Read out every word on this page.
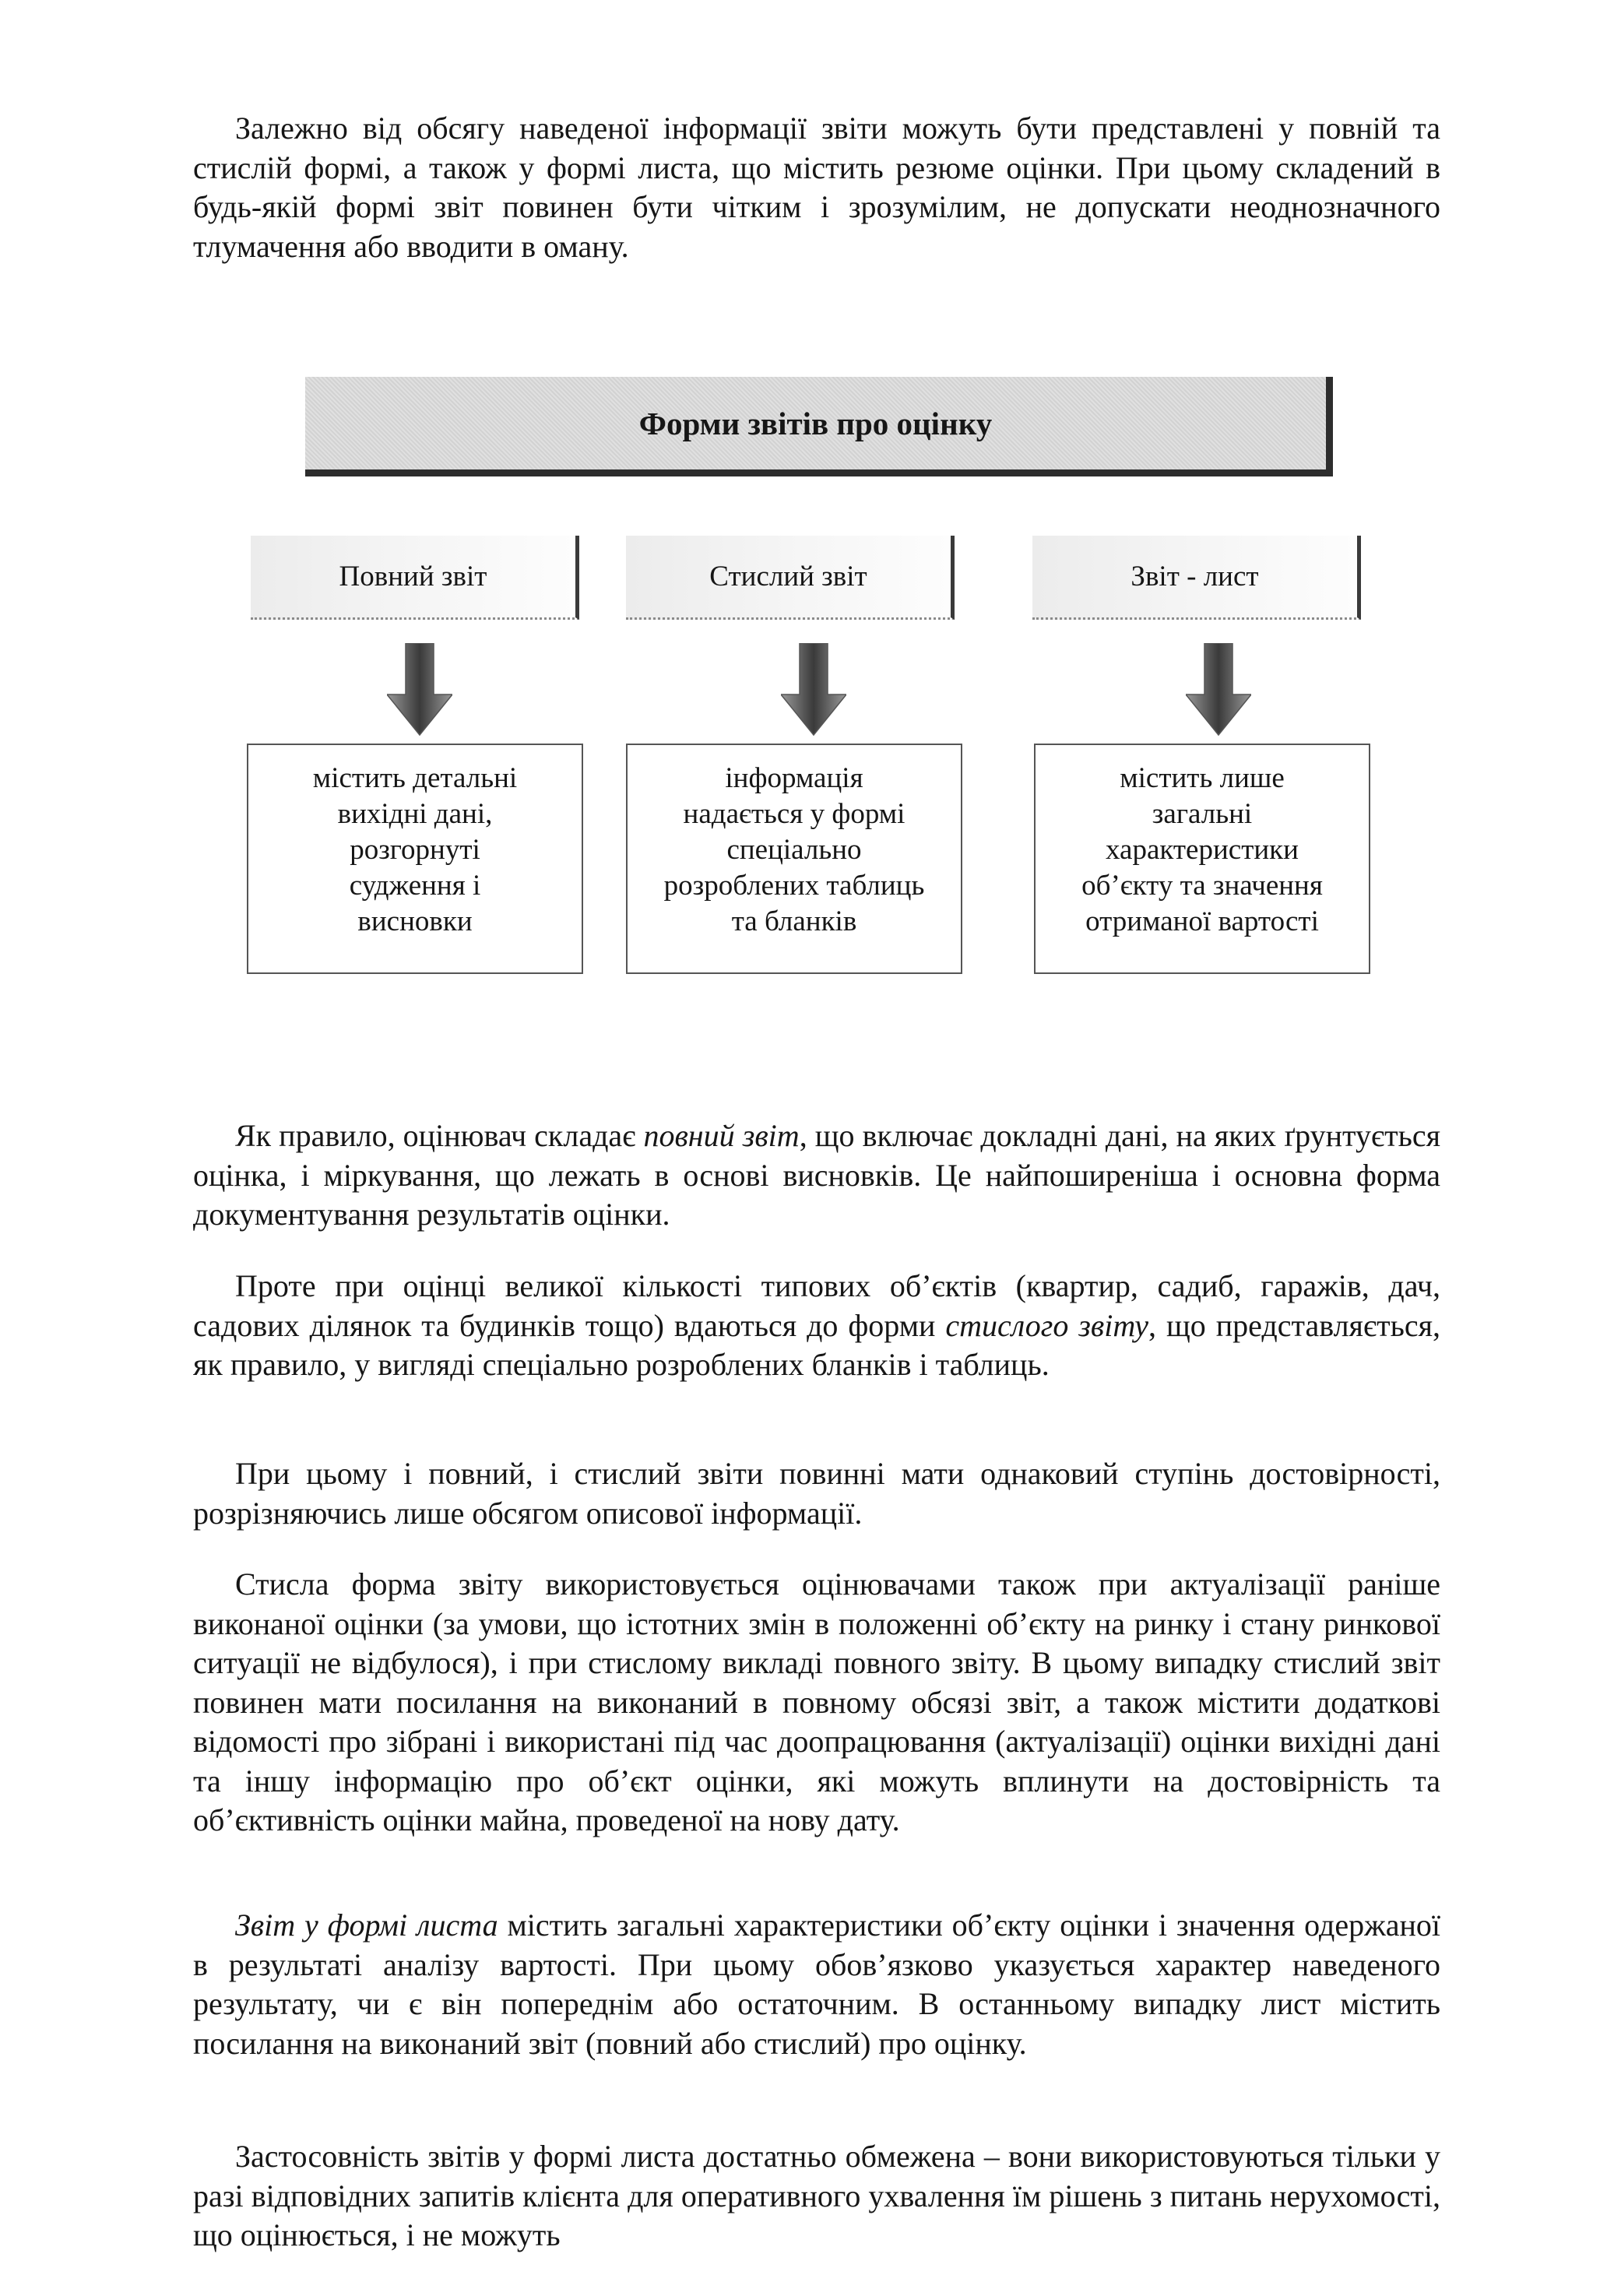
Залежно від обсягу наведеної інформації звіти можуть бути представлені у повній та стислій формі, а також у формі листа, що містить резюме оцінки. При цьому складений в будь-якій формі звіт повинен бути чітким і зрозумілим, не допускати неоднозначного тлумачення або вводити в оману.

Форми звітів про оцінку
Повний звіт
містить детальні
вихідні дані,
розгорнуті
судження і
висновки
Стислий звіт
інформація
надається у формі
спеціально
розроблених таблиць
та бланків
Звіт - лист
містить лише
загальні
характеристики
об’єкту та значення
отриманої вартості

Як правило, оцінювач складає повний звіт, що включає докладні дані, на яких ґрунтується оцінка, і міркування, що лежать в основі висновків. Це найпоширеніша і основна форма документування результатів оцінки.

Проте при оцінці великої кількості типових об’єктів (квартир, садиб, гаражів, дач, садових ділянок та будинків тощо) вдаються до форми стислого звіту, що представляється, як правило, у вигляді спеціально розроблених бланків і таблиць.

При цьому і повний, і стислий звіти повинні мати однаковий ступінь достовірності, розрізняючись лише обсягом описової інформації.

Стисла форма звіту використовується оцінювачами також при актуалізації раніше виконаної оцінки (за умови, що істотних змін в положенні об’єкту на ринку і стану ринкової ситуації не відбулося), і при стислому викладі повного звіту. В цьому випадку стислий звіт повинен мати посилання на виконаний в повному обсязі звіт, а також містити додаткові відомості про зібрані і використані під час доопрацювання (актуалізації) оцінки вихідні дані та іншу інформацію про об’єкт оцінки, які можуть вплинути на достовірність та об’єктивність оцінки майна, проведеної на нову дату.

Звіт у формі листа містить загальні характеристики об’єкту оцінки і значення одержаної в результаті аналізу вартості. При цьому обов’язково указується характер наведеного результату, чи є він попереднім або остаточним. В останньому випадку лист містить посилання на виконаний звіт (повний або стислий) про оцінку.

Застосовність звітів у формі листа достатньо обмежена – вони використовуються тільки у разі відповідних запитів клієнта для оперативного ухвалення їм рішень з питань нерухомості, що оцінюється, і не можуть
